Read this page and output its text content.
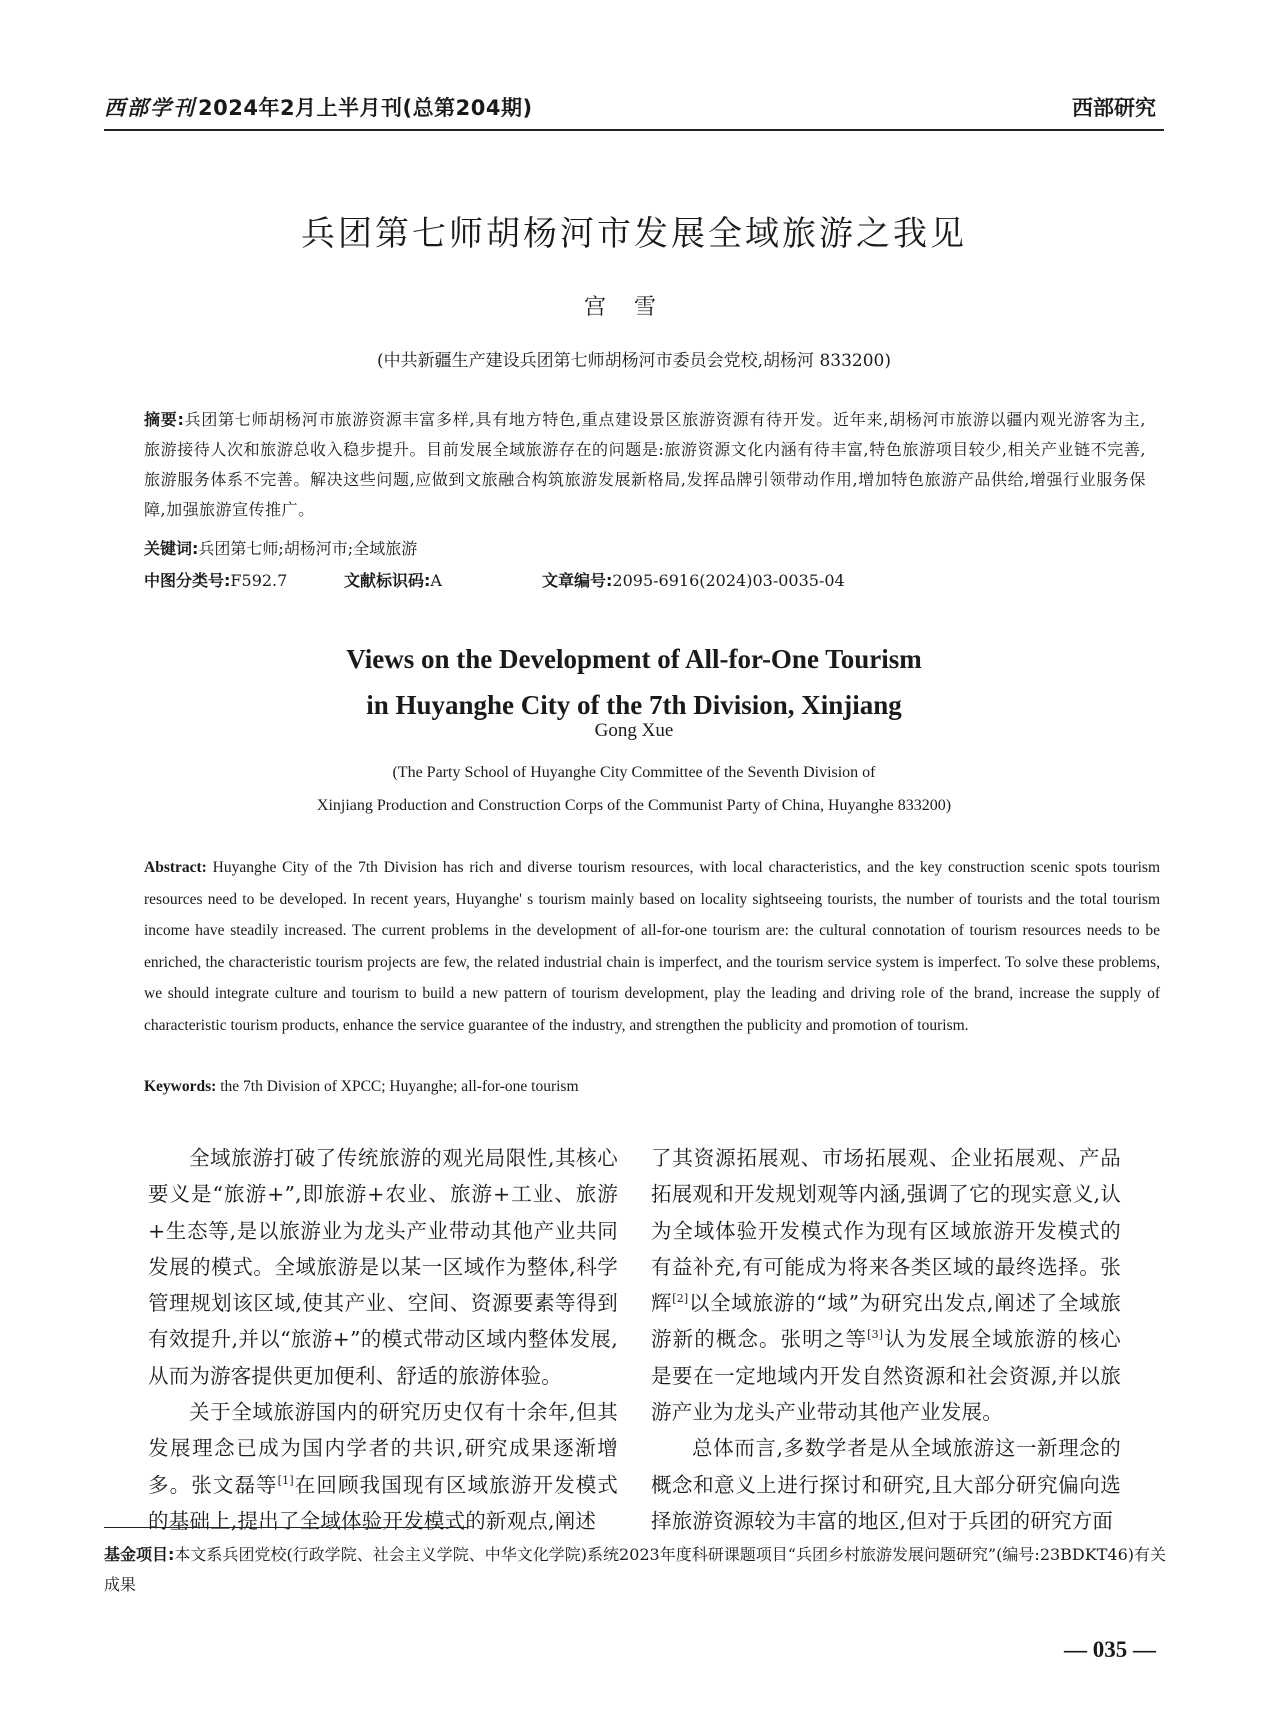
西部学刊2024年2月上半月刊(总第204期)	西部研究
兵团第七师胡杨河市发展全域旅游之我见
宫雪
(中共新疆生产建设兵团第七师胡杨河市委员会党校,胡杨河 833200)
摘要:兵团第七师胡杨河市旅游资源丰富多样,具有地方特色,重点建设景区旅游资源有待开发。近年来,胡杨河市旅游以疆内观光游客为主,旅游接待人次和旅游总收入稳步提升。目前发展全域旅游存在的问题是:旅游资源文化内涵有待丰富,特色旅游项目较少,相关产业链不完善,旅游服务体系不完善。解决这些问题,应做到文旅融合构筑旅游发展新格局,发挥品牌引领带动作用,增加特色旅游产品供给,增强行业服务保障,加强旅游宣传推广。
关键词:兵团第七师;胡杨河市;全域旅游
中图分类号:F592.7	文献标识码:A	文章编号:2095-6916(2024)03-0035-04
Views on the Development of All-for-One Tourism
in Huyanghe City of the 7th Division, Xinjiang
Gong Xue
(The Party School of Huyanghe City Committee of the Seventh Division of
Xinjiang Production and Construction Corps of the Communist Party of China, Huyanghe 833200)
Abstract: Huyanghe City of the 7th Division has rich and diverse tourism resources, with local characteristics, and the key construction scenic spots tourism resources need to be developed. In recent years, Huyanghe' s tourism mainly based on locality sightseeing tourists, the number of tourists and the total tourism income have steadily increased. The current problems in the development of all-for-one tourism are: the cultural connotation of tourism resources needs to be enriched, the characteristic tourism projects are few, the related industrial chain is imperfect, and the tourism service system is imperfect. To solve these problems, we should integrate culture and tourism to build a new pattern of tourism development, play the leading and driving role of the brand, increase the supply of characteristic tourism products, enhance the service guarantee of the industry, and strengthen the publicity and promotion of tourism.
Keywords: the 7th Division of XPCC; Huyanghe; all-for-one tourism

全域旅游打破了传统旅游的观光局限性,其核心要义是“旅游+”,即旅游+农业、旅游+工业、旅游+生态等,是以旅游业为龙头产业带动其他产业共同发展的模式。全域旅游是以某一区域作为整体,科学管理规划该区域,使其产业、空间、资源要素等得到有效提升,并以“旅游+”的模式带动区域内整体发展,从而为游客提供更加便利、舒适的旅游体验。

关于全域旅游国内的研究历史仅有十余年,但其发展理念已成为国内学者的共识,研究成果逐渐增多。张文磊等[1]在回顾我国现有区域旅游开发模式的基础上,提出了全域体验开发模式的新观点,阐述

了其资源拓展观、市场拓展观、企业拓展观、产品拓展观和开发规划观等内涵,强调了它的现实意义,认为全域体验开发模式作为现有区域旅游开发模式的有益补充,有可能成为将来各类区域的最终选择。张辉[2]以全域旅游的“域”为研究出发点,阐述了全域旅游新的概念。张明之等[3]认为发展全域旅游的核心是要在一定地域内开发自然资源和社会资源,并以旅游产业为龙头产业带动其他产业发展。

总体而言,多数学者是从全域旅游这一新理念的概念和意义上进行探讨和研究,且大部分研究偏向选择旅游资源较为丰富的地区,但对于兵团的研究方面

基金项目:本文系兵团党校(行政学院、社会主义学院、中华文化学院)系统2023年度科研课题项目“兵团乡村旅游发展问题研究”(编号:23BDKT46)有关成果
— 035 —
